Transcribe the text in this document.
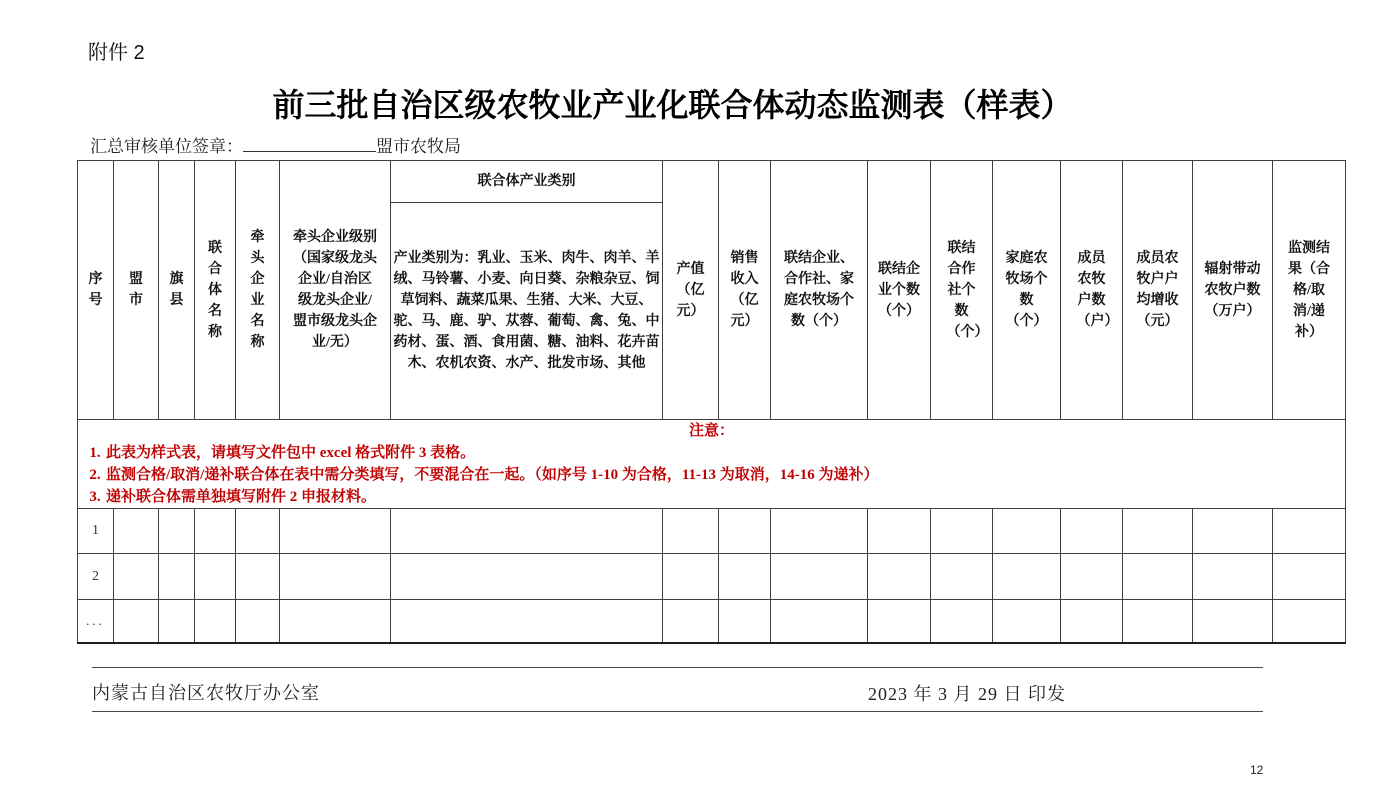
附件 2
前三批自治区级农牧业产业化联合体动态监测表（样表）
汇总审核单位签章：	盟市农牧局
序号	盟市	旗县	联合体名称	牵头企业名称	牵头企业级别（国家级龙头企业/自治区级龙头企业/盟市级龙头企业/无）	联合体产业类别	产值（亿元）	销售收入（亿元）	联结企业、合作社、家庭农牧场个数（个）	联结企业个数（个）	联结合作社个数（个）	家庭农牧场个数（个）	成员农牧户数（户）	成员农牧户户均增收（元）	辐射带动农牧户数（万户）	监测结果（合格/取消/递补）
						产业类别为：乳业、玉米、肉牛、肉羊、羊绒、马铃薯、小麦、向日葵、杂粮杂豆、饲草饲料、蔬菜瓜果、生猪、大米、大豆、驼、马、鹿、驴、苁蓉、葡萄、禽、兔、中药材、蛋、酒、食用菌、糖、油料、花卉苗木、农机农资、水产、批发市场、其他										

注意：
1. 此表为样式表，请填写文件包中 excel 格式附件 3 表格。
2. 监测合格/取消/递补联合体在表中需分类填写，不要混合在一起。（如序号 1-10 为合格，11-13 为取消，14-16 为递补）
3. 递补联合体需单独填写附件 2 申报材料。

1																
2																
...																
内蒙古自治区农牧厅办公室	2023 年 3 月 29 日 印发
12
